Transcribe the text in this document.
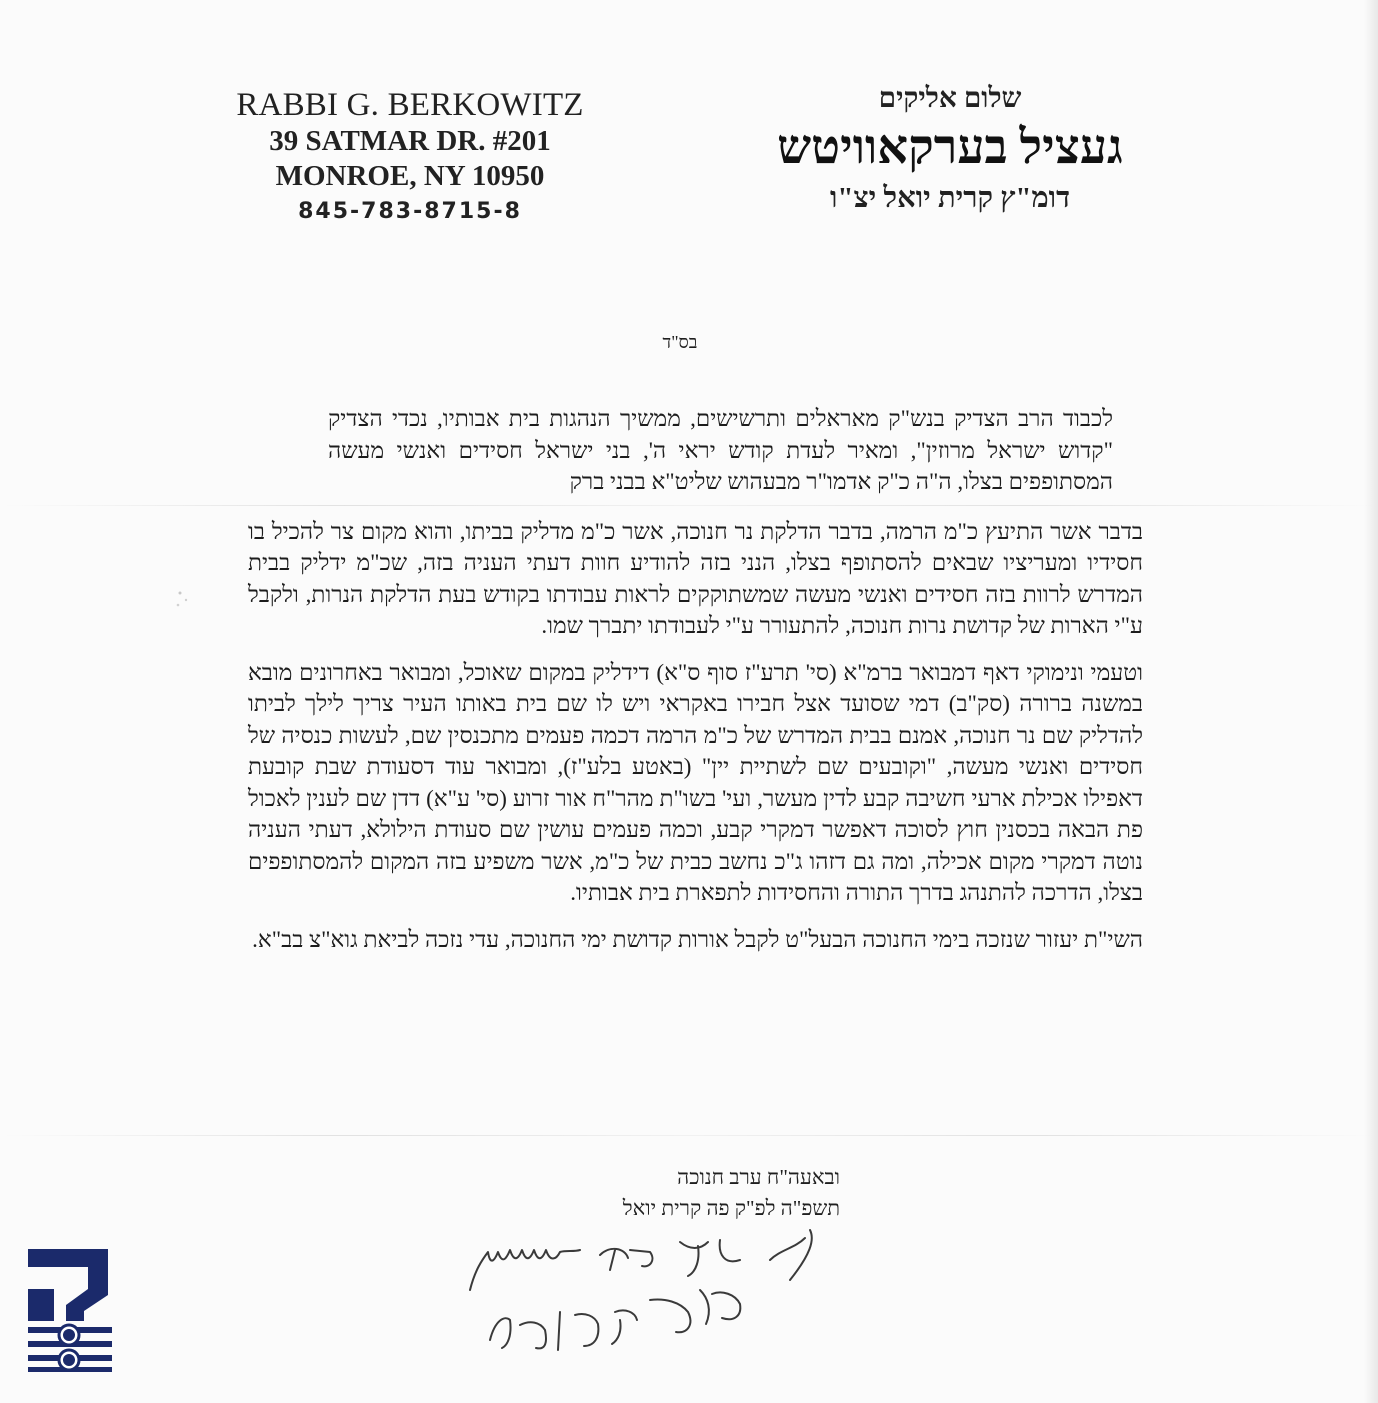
RABBI G. BERKOWITZ
39 SATMAR DR. #201
MONROE, NY 10950
845-783-8715-8
שלום אליקים
געציל בערקאוויטש
דומ"ץ קרית יואל יצ"ו
בס"ד

לכבוד הרב הצדיק בנש"ק מאראלים ותרשישים, ממשיך הנהגות בית אבותיו, נכדי הצדיק "קדוש ישראל מרוזין", ומאיר לעדת קודש יראי ה', בני ישראל חסידים ואנשי מעשה המסתופפים בצלו, ה"ה כ"ק אדמו"ר מבעהוש שליט"א בבני ברק

בדבר אשר התיעץ כ"מ הרמה, בדבר הדלקת נר חנוכה, אשר כ"מ מדליק בביתו, והוא מקום צר להכיל בו חסידיו ומעריציו שבאים להסתופף בצלו, הנני בזה להודיע חוות דעתי העניה בזה, שכ"מ ידליק בבית המדרש לרוות בזה חסידים ואנשי מעשה שמשתוקקים לראות עבודתו בקודש בעת הדלקת הנרות, ולקבל ע"י הארות של קדושת נרות חנוכה, להתעורר ע"י לעבודתו יתברך שמו.

וטעמי ונימוקי דאף דמבואר ברמ"א (סי' תרע"ז סוף ס"א) דידליק במקום שאוכל, ומבואר באחרונים מובא במשנה ברורה (סק"ב) דמי שסועד אצל חבירו באקראי ויש לו שם בית באותו העיר צריך לילך לביתו להדליק שם נר חנוכה, אמנם בבית המדרש של כ"מ הרמה דכמה פעמים מתכנסין שם, לעשות כנסיה של חסידים ואנשי מעשה, "וקובעים שם לשתיית יין" (באטע בלע"ז), ומבואר עוד דסעודת שבת קובעת דאפילו אכילת ארעי חשיבה קבע לדין מעשר, ועי' בשו"ת מהר"ח אור זרוע (סי' ע"א) דדן שם לענין לאכול פת הבאה בכסנין חוץ לסוכה דאפשר דמקרי קבע, וכמה פעמים עושין שם סעודת הילולא, דעתי העניה נוטה דמקרי מקום אכילה, ומה גם דזהו ג"כ נחשב כבית של כ"מ, אשר משפיע בזה המקום להמסתופפים בצלו, הדרכה להתנהג בדרך התורה והחסידות לתפארת בית אבותיו.

השי"ת יעזור שנזכה בימי החנוכה הבעל"ט לקבל אורות קדושת ימי החנוכה, עדי נזכה לביאת גוא"צ בב"א.

ובאעה"ח ערב חנוכה
תשפ"ה לפ"ק פה קרית יואל
